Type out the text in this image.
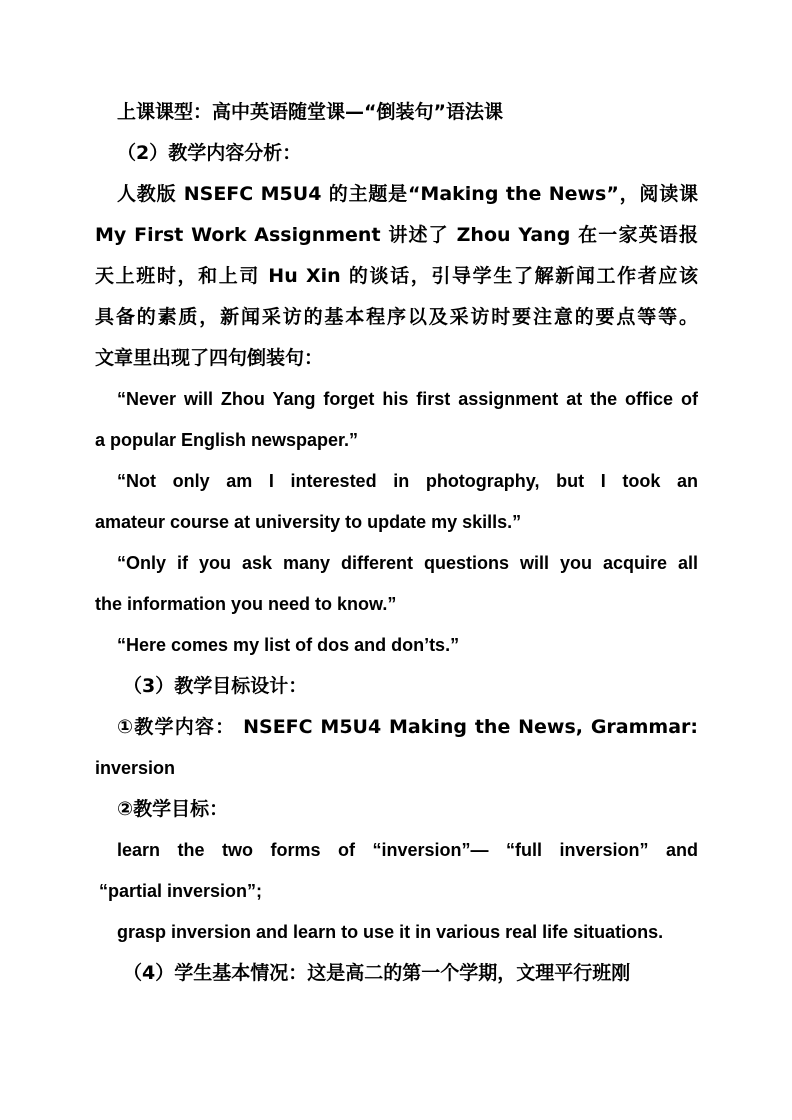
上课课型：高中英语随堂课—“倒装句”语法课
（2）教学内容分析：
人教版 NSEFC M5U4 的主题是“Making the News”，阅读课
My First Work Assignment 讲述了 Zhou Yang 在一家英语报
天上班时，和上司 Hu Xin 的谈话，引导学生了解新闻工作者应该
具备的素质，新闻采访的基本程序以及采访时要注意的要点等等。
文章里出现了四句倒装句：
“Never will Zhou Yang forget his first assignment at the office of
a popular English newspaper.”
“Not only am I interested in photography, but I took an
amateur course at university to update my skills.”
“Only if you ask many different questions will you acquire all
the information you need to know.”
“Here comes my list of dos and don’ts.”
（3）教学目标设计：
①教学内容： NSEFC M5U4 Making the News, Grammar:
inversion
②教学目标：
learn the two forms of “inversion”— “full inversion” and
“partial inversion”;
grasp inversion and learn to use it in various real life situations.
（4）学生基本情况：这是高二的第一个学期，文理平行班刚
